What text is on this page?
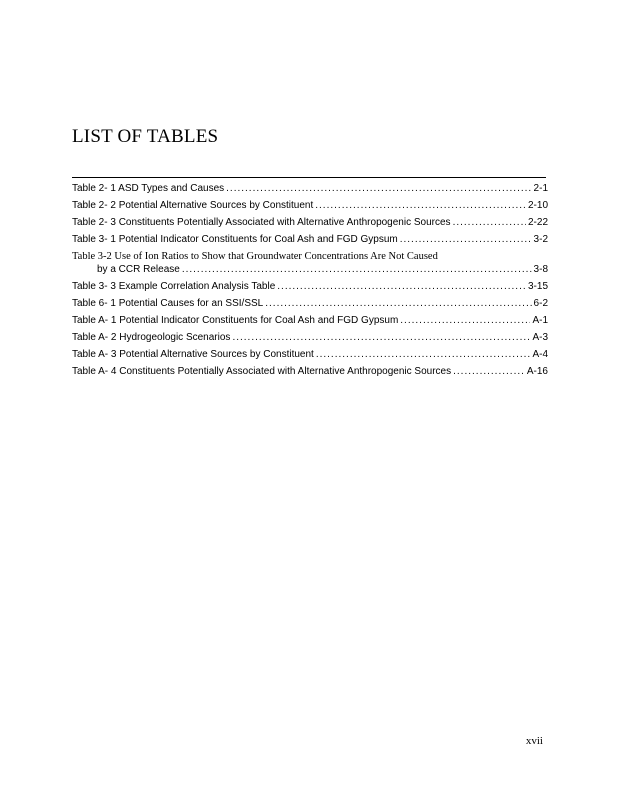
LIST OF TABLES
Table 2- 1 ASD Types and Causes .....	2-1
Table 2- 2 Potential Alternative Sources by Constituent .....	2-10
Table 2- 3 Constituents Potentially Associated with Alternative Anthropogenic Sources .....	2-22
Table 3- 1 Potential Indicator Constituents for Coal Ash and FGD Gypsum .....	3-2
Table 3-2 Use of Ion Ratios to Show that Groundwater Concentrations Are Not Caused
by a CCR Release .....	3-8
Table 3- 3 Example Correlation Analysis Table .....	3-15
Table 6- 1 Potential Causes for an SSI/SSL .....	6-2
Table A- 1 Potential Indicator Constituents for Coal Ash and FGD Gypsum .....	A-1
Table A- 2 Hydrogeologic Scenarios .....	A-3
Table A- 3 Potential Alternative Sources by Constituent .....	A-4
Table A- 4 Constituents Potentially Associated with Alternative Anthropogenic Sources .....	A-16

xvii
